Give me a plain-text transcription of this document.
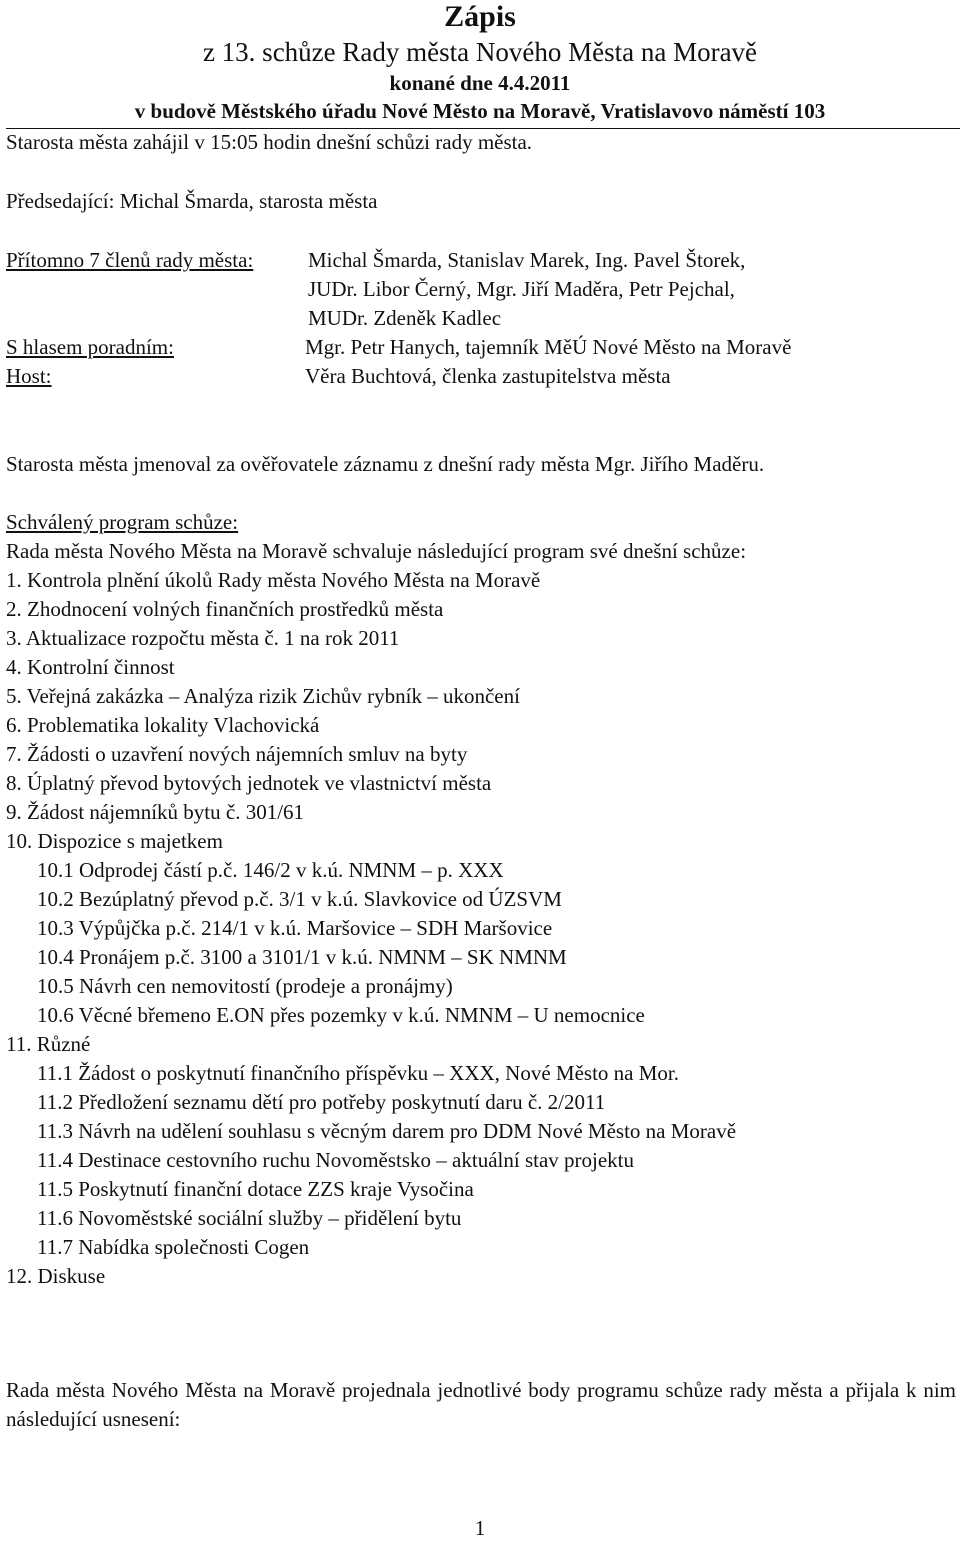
Zápis
z 13. schůze Rady města Nového Města na Moravě
konané dne 4.4.2011
v budově Městského úřadu Nové Město na Moravě, Vratislavovo náměstí 103
Starosta města zahájil v 15:05 hodin dnešní schůzi rady města.
Předsedající: Michal Šmarda, starosta města
Přítomno 7 členů rady města:	Michal Šmarda, Stanislav Marek, Ing. Pavel Štorek,
JUDr. Libor Černý, Mgr. Jiří Maděra, Petr Pejchal,
MUDr. Zdeněk Kadlec
S hlasem poradním:	Mgr. Petr Hanych, tajemník MěÚ Nové Město na Moravě
Host:	Věra Buchtová, členka zastupitelstva města
Starosta města jmenoval za ověřovatele záznamu z dnešní rady města Mgr. Jiřího Maděru.
Schválený program schůze:
Rada města Nového Města na Moravě schvaluje následující program své dnešní schůze:
1. Kontrola plnění úkolů Rady města Nového Města na Moravě
2. Zhodnocení volných finančních prostředků města
3. Aktualizace rozpočtu města č. 1 na rok 2011
4. Kontrolní činnost
5. Veřejná zakázka – Analýza rizik Zichův rybník – ukončení
6. Problematika lokality Vlachovická
7. Žádosti o uzavření nových nájemních smluv na byty
8. Úplatný převod bytových jednotek ve vlastnictví města
9. Žádost nájemníků bytu č. 301/61
10. Dispozice s majetkem
10.1 Odprodej částí p.č. 146/2 v k.ú. NMNM – p. XXX
10.2 Bezúplatný převod p.č. 3/1 v k.ú. Slavkovice od ÚZSVM
10.3 Výpůjčka p.č. 214/1 v k.ú. Maršovice – SDH Maršovice
10.4 Pronájem p.č. 3100 a 3101/1 v k.ú. NMNM – SK NMNM
10.5 Návrh cen nemovitostí (prodeje a pronájmy)
10.6 Věcné břemeno E.ON přes pozemky v k.ú. NMNM – U nemocnice
11. Různé
11.1 Žádost o poskytnutí finančního příspěvku – XXX, Nové Město na Mor.
11.2 Předložení seznamu dětí pro potřeby poskytnutí daru č. 2/2011
11.3 Návrh na udělení souhlasu s věcným darem pro DDM Nové Město na Moravě
11.4 Destinace cestovního ruchu Novoměstsko – aktuální stav projektu
11.5 Poskytnutí finanční dotace ZZS kraje Vysočina
11.6 Novoměstské sociální služby – přidělení bytu
11.7 Nabídka společnosti Cogen
12. Diskuse
Rada města Nového Města na Moravě projednala jednotlivé body programu schůze rady města a přijala k nim následující usnesení:
1
